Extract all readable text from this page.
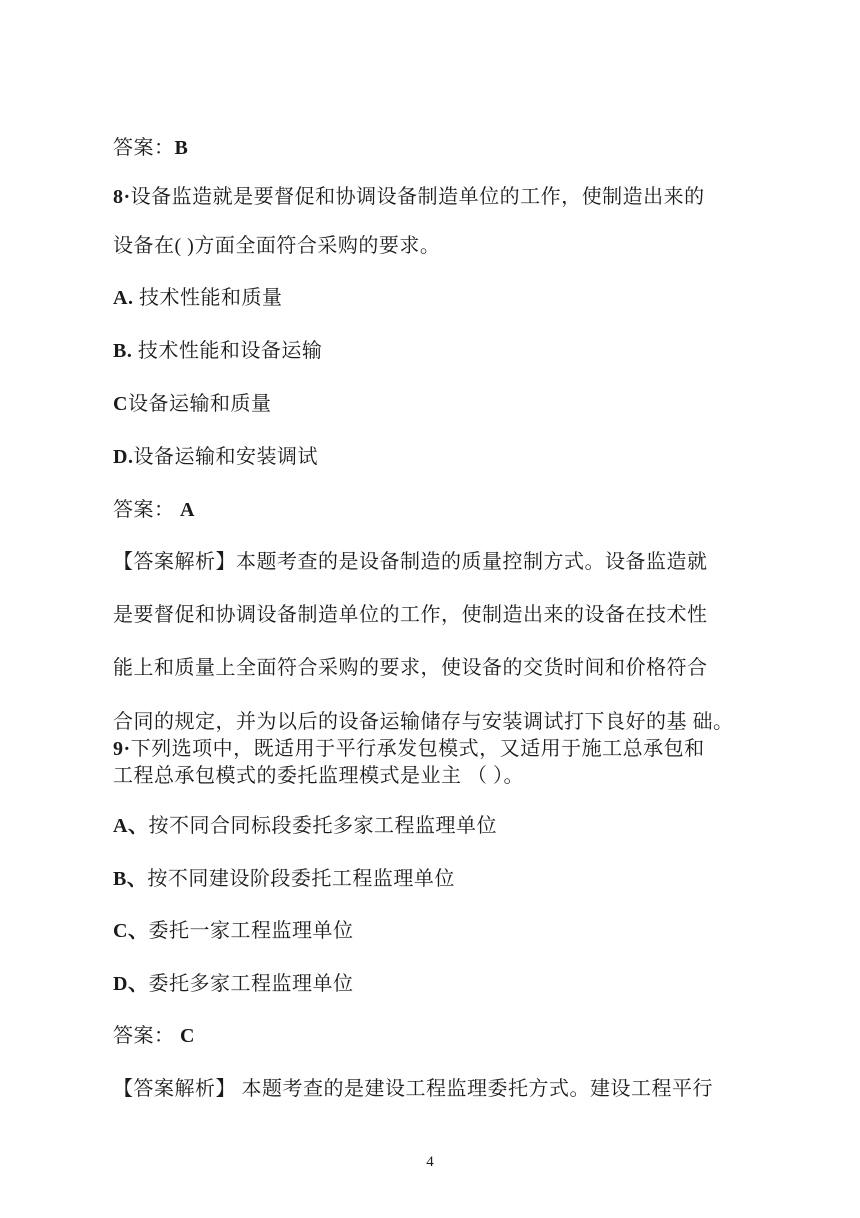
答案：B
8·设备监造就是要督促和协调设备制造单位的工作，使制造出来的
设备在( )方面全面符合采购的要求。
A. 技术性能和质量
B. 技术性能和设备运输
C设备运输和质量
D.设备运输和安装调试
答案： A
【答案解析】本题考查的是设备制造的质量控制方式。设备监造就
是要督促和协调设备制造单位的工作，使制造出来的设备在技术性
能上和质量上全面符合采购的要求，使设备的交货时间和价格符合
合同的规定，并为以后的设备运输储存与安装调试打下良好的基 础。
9·下列选项中，既适用于平行承发包模式，又适用于施工总承包和
工程总承包模式的委托监理模式是业主 （ ）。
A、按不同合同标段委托多家工程监理单位
B、按不同建设阶段委托工程监理单位
C、委托一家工程监理单位
D、委托多家工程监理单位
答案： C
【答案解析】 本题考查的是建设工程监理委托方式。建设工程平行
4
